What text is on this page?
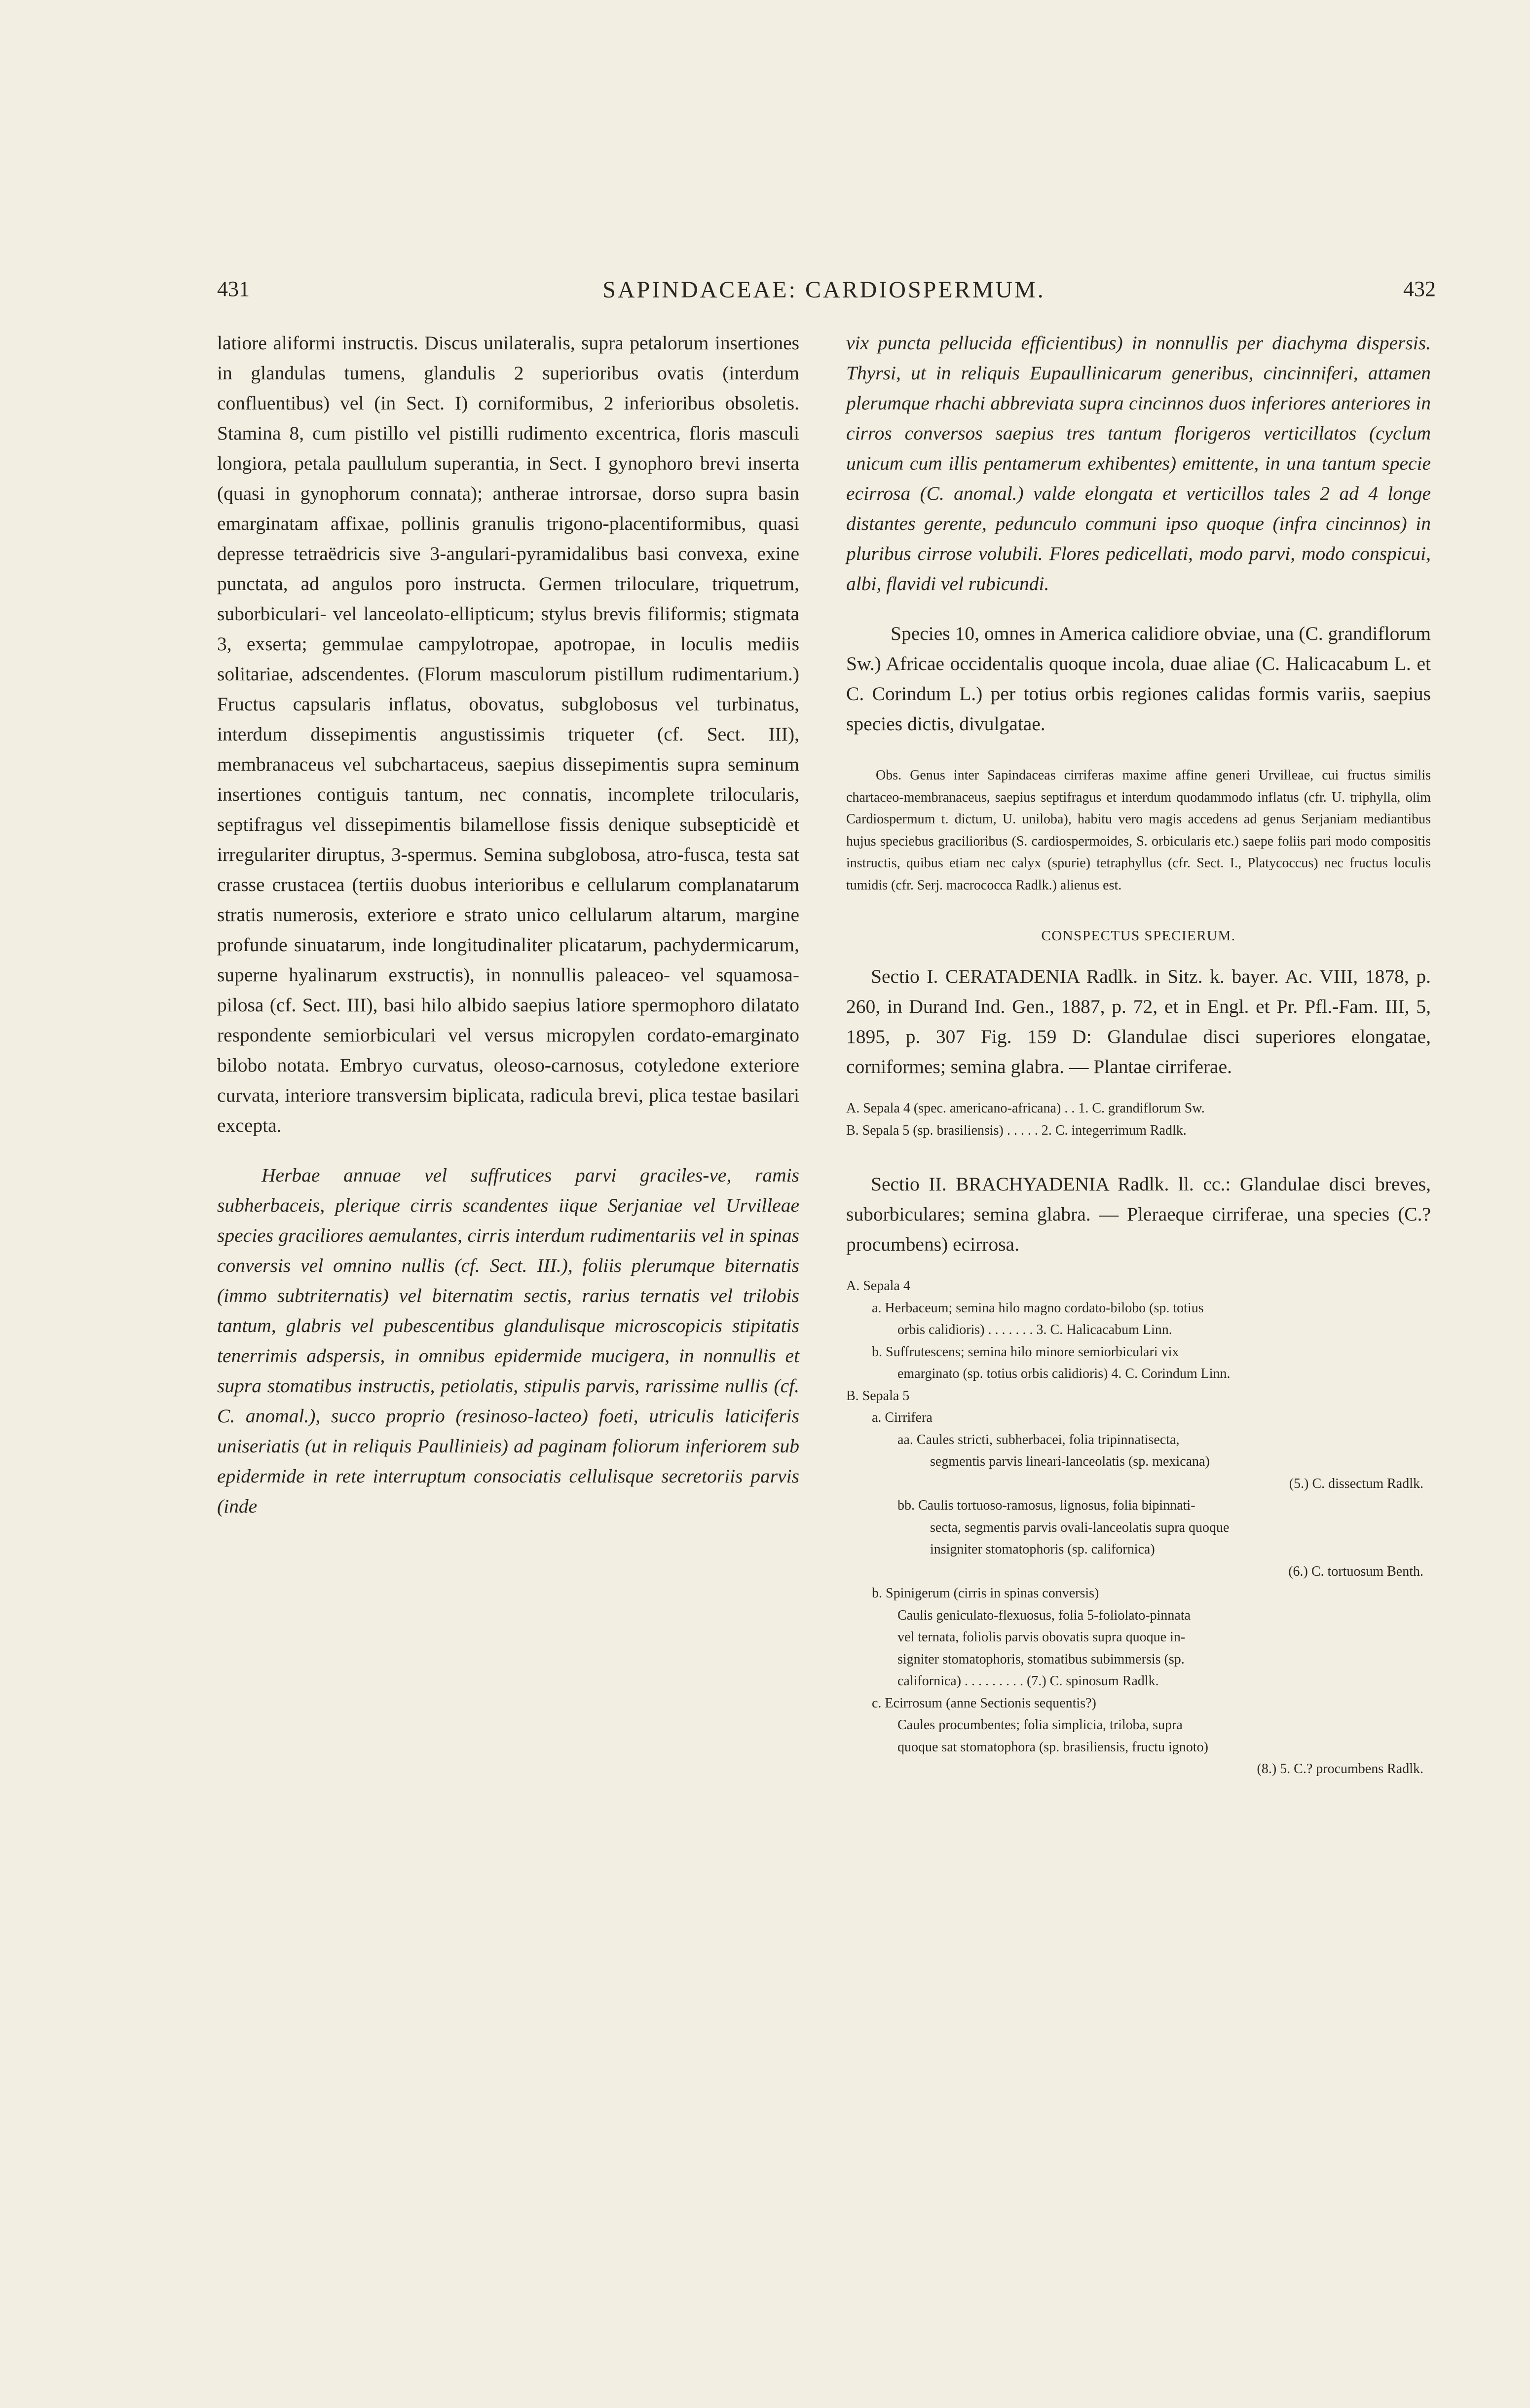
431	SAPINDACEAE: CARDIOSPERMUM.	432

latiore aliformi instructis. Discus unilateralis, supra petalorum insertiones in glandulas tumens, glandulis 2 superioribus ovatis (interdum confluentibus) vel (in Sect. I) corniformibus, 2 inferioribus obsoletis. Stamina 8, cum pistillo vel pistilli rudimento excentrica, floris masculi longiora, petala paullulum superantia, in Sect. I gynophoro brevi inserta (quasi in gynophorum connata); antherae introrsae, dorso supra basin emarginatam affixae, pollinis granulis trigono-placentiformibus, quasi depresse tetraëdricis sive 3-angulari-pyramidalibus basi convexa, exine punctata, ad angulos poro instructa. Germen triloculare, triquetrum, suborbiculari- vel lanceolato-ellipticum; stylus brevis filiformis; stigmata 3, exserta; gemmulae campylotropae, apotropae, in loculis mediis solitariae, adscendentes. (Florum masculorum pistillum rudimentarium.) Fructus capsularis inflatus, obovatus, subglobosus vel turbinatus, interdum dissepimentis angustissimis triqueter (cf. Sect. III), membranaceus vel subchartaceus, saepius dissepimentis supra seminum insertiones contiguis tantum, nec connatis, incomplete trilocularis, septifragus vel dissepimentis bilamellose fissis denique subsepticidè et irregulariter diruptus, 3-spermus. Semina subglobosa, atro-fusca, testa sat crasse crustacea (tertiis duobus interioribus e cellularum complanatarum stratis numerosis, exteriore e strato unico cellularum altarum, margine profunde sinuatarum, inde longitudinaliter plicatarum, pachydermicarum, superne hyalinarum exstructis), in nonnullis paleaceo- vel squamosa-pilosa (cf. Sect. III), basi hilo albido saepius latiore spermophoro dilatato respondente semiorbiculari vel versus micropylen cordato-emarginato bilobo notata. Embryo curvatus, oleoso-carnosus, cotyledone exteriore curvata, interiore transversim biplicata, radicula brevi, plica testae basilari excepta.

Herbae annuae vel suffrutices parvi graciles-ve, ramis subherbaceis, plerique cirris scandentes iique Serjaniae vel Urvilleae species graciliores aemulantes, cirris interdum rudimentariis vel in spinas conversis vel omnino nullis (cf. Sect. III.), foliis plerumque biternatis (immo subtriternatis) vel biternatim sectis, rarius ternatis vel trilobis tantum, glabris vel pubescentibus glandulisque microscopicis stipitatis tenerrimis adspersis, in omnibus epidermide mucigera, in nonnullis et supra stomatibus instructis, petiolatis, stipulis parvis, rarissime nullis (cf. C. anomal.), succo proprio (resinoso-lacteo) foeti, utriculis laticiferis uniseriatis (ut in reliquis Paullinieis) ad paginam foliorum inferiorem sub epidermide in rete interruptum consociatis cellulisque secretoriis parvis (inde

vix puncta pellucida efficientibus) in nonnullis per diachyma dispersis. Thyrsi, ut in reliquis Eupaullinicarum generibus, cincinniferi, attamen plerumque rhachi abbreviata supra cincinnos duos inferiores anteriores in cirros conversos saepius tres tantum florigeros verticillatos (cyclum unicum cum illis pentamerum exhibentes) emittente, in una tantum specie ecirrosa (C. anomal.) valde elongata et verticillos tales 2 ad 4 longe distantes gerente, pedunculo communi ipso quoque (infra cincinnos) in pluribus cirrose volubili. Flores pedicellati, modo parvi, modo conspicui, albi, flavidi vel rubicundi.

Species 10, omnes in America calidiore obviae, una (C. grandiflorum Sw.) Africae occidentalis quoque incola, duae aliae (C. Halicacabum L. et C. Corindum L.) per totius orbis regiones calidas formis variis, saepius species dictis, divulgatae.

Obs. Genus inter Sapindaceas cirriferas maxime affine generi Urvilleae, cui fructus similis chartaceo-membranaceus, saepius septifragus et interdum quodammodo inflatus (cfr. U. triphylla, olim Cardiospermum t. dictum, U. uniloba), habitu vero magis accedens ad genus Serjaniam mediantibus hujus speciebus gracilioribus (S. cardiospermoides, S. orbicularis etc.) saepe foliis pari modo compositis instructis, quibus etiam nec calyx (spurie) tetraphyllus (cfr. Sect. I., Platycoccus) nec fructus loculis tumidis (cfr. Serj. macrococca Radlk.) alienus est.

CONSPECTUS SPECIERUM.

Sectio I. CERATADENIA Radlk. in Sitz. k. bayer. Ac. VIII, 1878, p. 260, in Durand Ind. Gen., 1887, p. 72, et in Engl. et Pr. Pfl.-Fam. III, 5, 1895, p. 307 Fig. 159 D: Glandulae disci superiores elongatae, corniformes; semina glabra. — Plantae cirriferae.

A. Sepala 4 (spec. americano-africana) . . 1. C. grandiflorum Sw.
B. Sepala 5 (sp. brasiliensis) . . . . . 2. C. integerrimum Radlk.

Sectio II. BRACHYADENIA Radlk. ll. cc.: Glandulae disci breves, suborbiculares; semina glabra. — Pleraeque cirriferae, una species (C.? procumbens) ecirrosa.

A. Sepala 4
a. Herbaceum; semina hilo magno cordato-bilobo (sp. totius
orbis calidioris) . . . . . . . 3. C. Halicacabum Linn.
b. Suffrutescens; semina hilo minore semiorbiculari vix
emarginato (sp. totius orbis calidioris) 4. C. Corindum Linn.
B. Sepala 5
a. Cirrifera
aa. Caules stricti, subherbacei, folia tripinnatisecta,
segmentis parvis lineari-lanceolatis (sp. mexicana)
(5.) C. dissectum Radlk.
bb. Caulis tortuoso-ramosus, lignosus, folia bipinnati-
secta, segmentis parvis ovali-lanceolatis supra quoque
insigniter stomatophoris (sp. californica)
(6.) C. tortuosum Benth.
b. Spinigerum (cirris in spinas conversis)
Caulis geniculato-flexuosus, folia 5-foliolato-pinnata
vel ternata, foliolis parvis obovatis supra quoque in-
signiter stomatophoris, stomatibus subimmersis (sp.
californica) . . . . . . . . . (7.) C. spinosum Radlk.
c. Ecirrosum (anne Sectionis sequentis?)
Caules procumbentes; folia simplicia, triloba, supra
quoque sat stomatophora (sp. brasiliensis, fructu ignoto)
(8.) 5. C.? procumbens Radlk.
